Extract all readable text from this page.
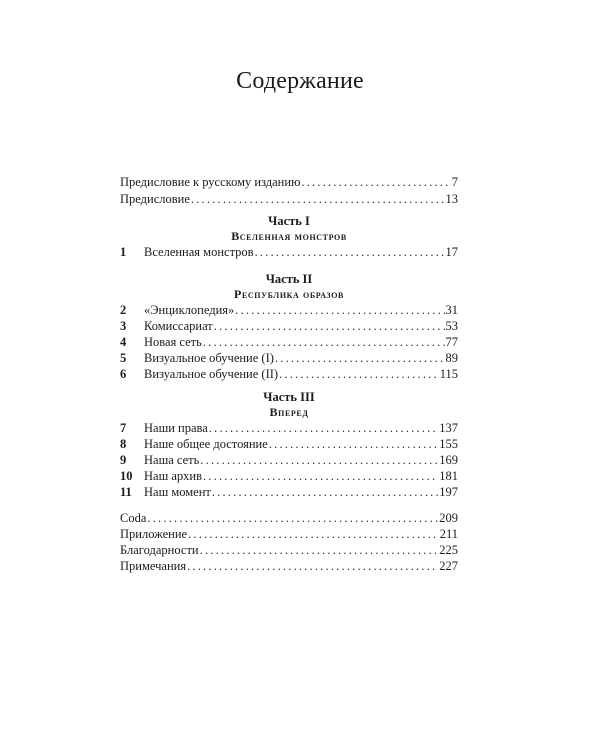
Содержание
Предисловие к русскому изданию .....	7
Предисловие .....	13
1	Вселенная монстров .....	17
2	«Энциклопедия» .....	31
3	Комиссариат .....	53
4	Новая сеть .....	77
5	Визуальное обучение (I) .....	89
6	Визуальное обучение (II) .....	115
7	Наши права .....	137
8	Наше общее достояние .....	155
9	Наша сеть .....	169
10 Наш архив .....	181
11 Наш момент .....	197
Coda .....	209
Приложение .....	211
Благодарности .....	225
Примечания .....	227
Часть I
Вселенная монстров
Часть II
Республика образов
Часть III
Вперед
